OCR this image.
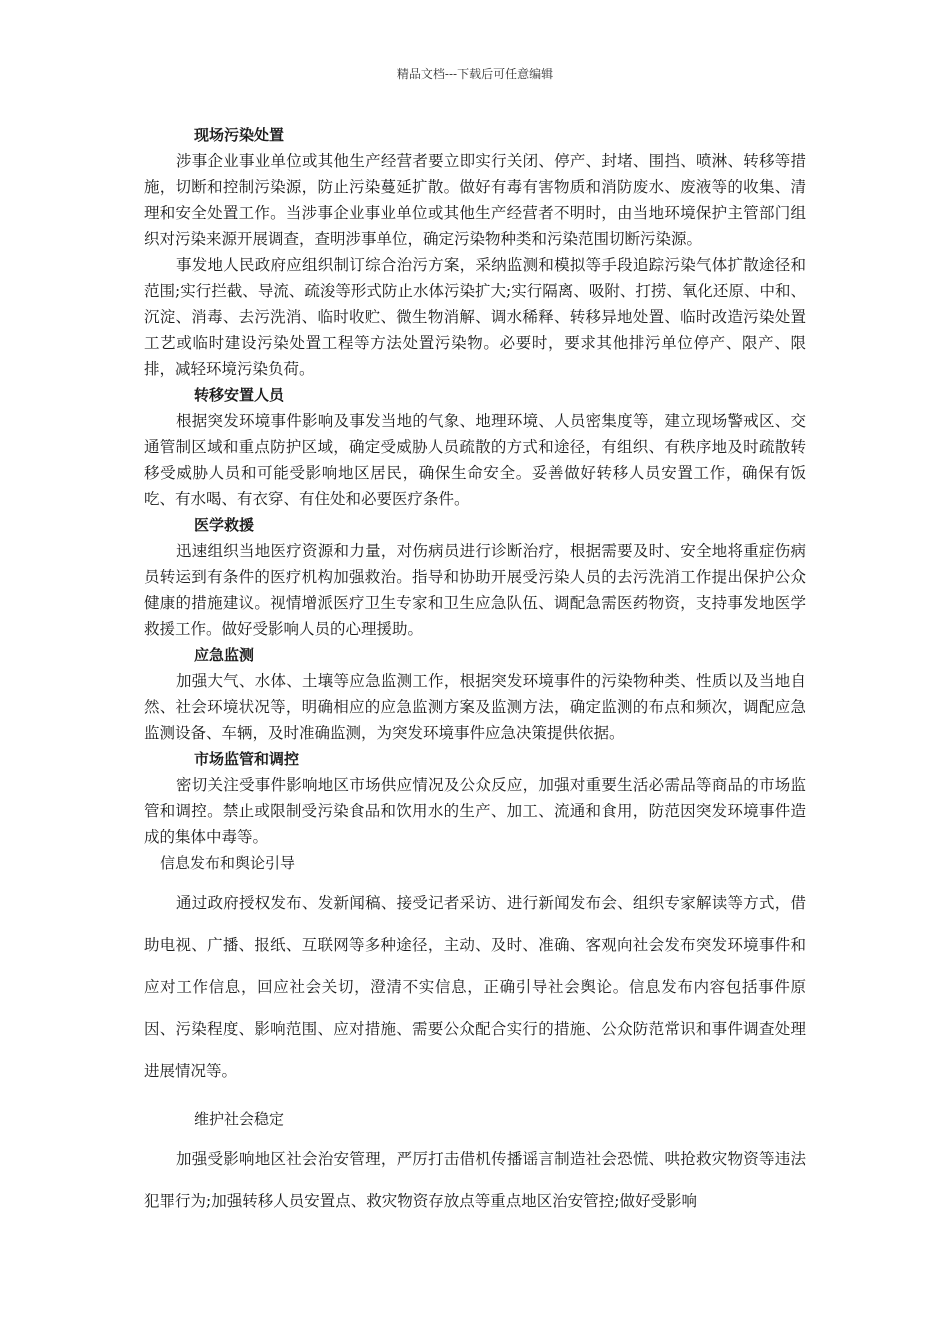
精品文档---下载后可任意编辑
现场污染处置

涉事企业事业单位或其他生产经营者要立即实行关闭、停产、封堵、围挡、喷淋、转移等措施，切断和控制污染源，防止污染蔓延扩散。做好有毒有害物质和消防废水、废液等的收集、清理和安全处置工作。当涉事企业事业单位或其他生产经营者不明时，由当地环境保护主管部门组织对污染来源开展调查，查明涉事单位，确定污染物种类和污染范围切断污染源。

事发地人民政府应组织制订综合治污方案，采纳监测和模拟等手段追踪污染气体扩散途径和范围;实行拦截、导流、疏浚等形式防止水体污染扩大;实行隔离、吸附、打捞、氧化还原、中和、沉淀、消毒、去污洗消、临时收贮、微生物消解、调水稀释、转移异地处置、临时改造污染处置工艺或临时建设污染处置工程等方法处置污染物。必要时，要求其他排污单位停产、限产、限排，减轻环境污染负荷。

转移安置人员

根据突发环境事件影响及事发当地的气象、地理环境、人员密集度等，建立现场警戒区、交通管制区域和重点防护区域，确定受威胁人员疏散的方式和途径，有组织、有秩序地及时疏散转移受威胁人员和可能受影响地区居民，确保生命安全。妥善做好转移人员安置工作，确保有饭吃、有水喝、有衣穿、有住处和必要医疗条件。

医学救援

迅速组织当地医疗资源和力量，对伤病员进行诊断治疗，根据需要及时、安全地将重症伤病员转运到有条件的医疗机构加强救治。指导和协助开展受污染人员的去污洗消工作提出保护公众健康的措施建议。视情增派医疗卫生专家和卫生应急队伍、调配急需医药物资，支持事发地医学救援工作。做好受影响人员的心理援助。

应急监测

加强大气、水体、土壤等应急监测工作，根据突发环境事件的污染物种类、性质以及当地自然、社会环境状况等，明确相应的应急监测方案及监测方法，确定监测的布点和频次，调配应急监测设备、车辆，及时准确监测，为突发环境事件应急决策提供依据。

市场监管和调控

密切关注受事件影响地区市场供应情况及公众反应，加强对重要生活必需品等商品的市场监管和调控。禁止或限制受污染食品和饮用水的生产、加工、流通和食用，防范因突发环境事件造成的集体中毒等。

信息发布和舆论引导

通过政府授权发布、发新闻稿、接受记者采访、进行新闻发布会、组织专家解读等方式，借助电视、广播、报纸、互联网等多种途径，主动、及时、准确、客观向社会发布突发环境事件和应对工作信息，回应社会关切，澄清不实信息，正确引导社会舆论。信息发布内容包括事件原因、污染程度、影响范围、应对措施、需要公众配合实行的措施、公众防范常识和事件调查处理进展情况等。

维护社会稳定

加强受影响地区社会治安管理，严厉打击借机传播谣言制造社会恐慌、哄抢救灾物资等违法犯罪行为;加强转移人员安置点、救灾物资存放点等重点地区治安管控;做好受影响
